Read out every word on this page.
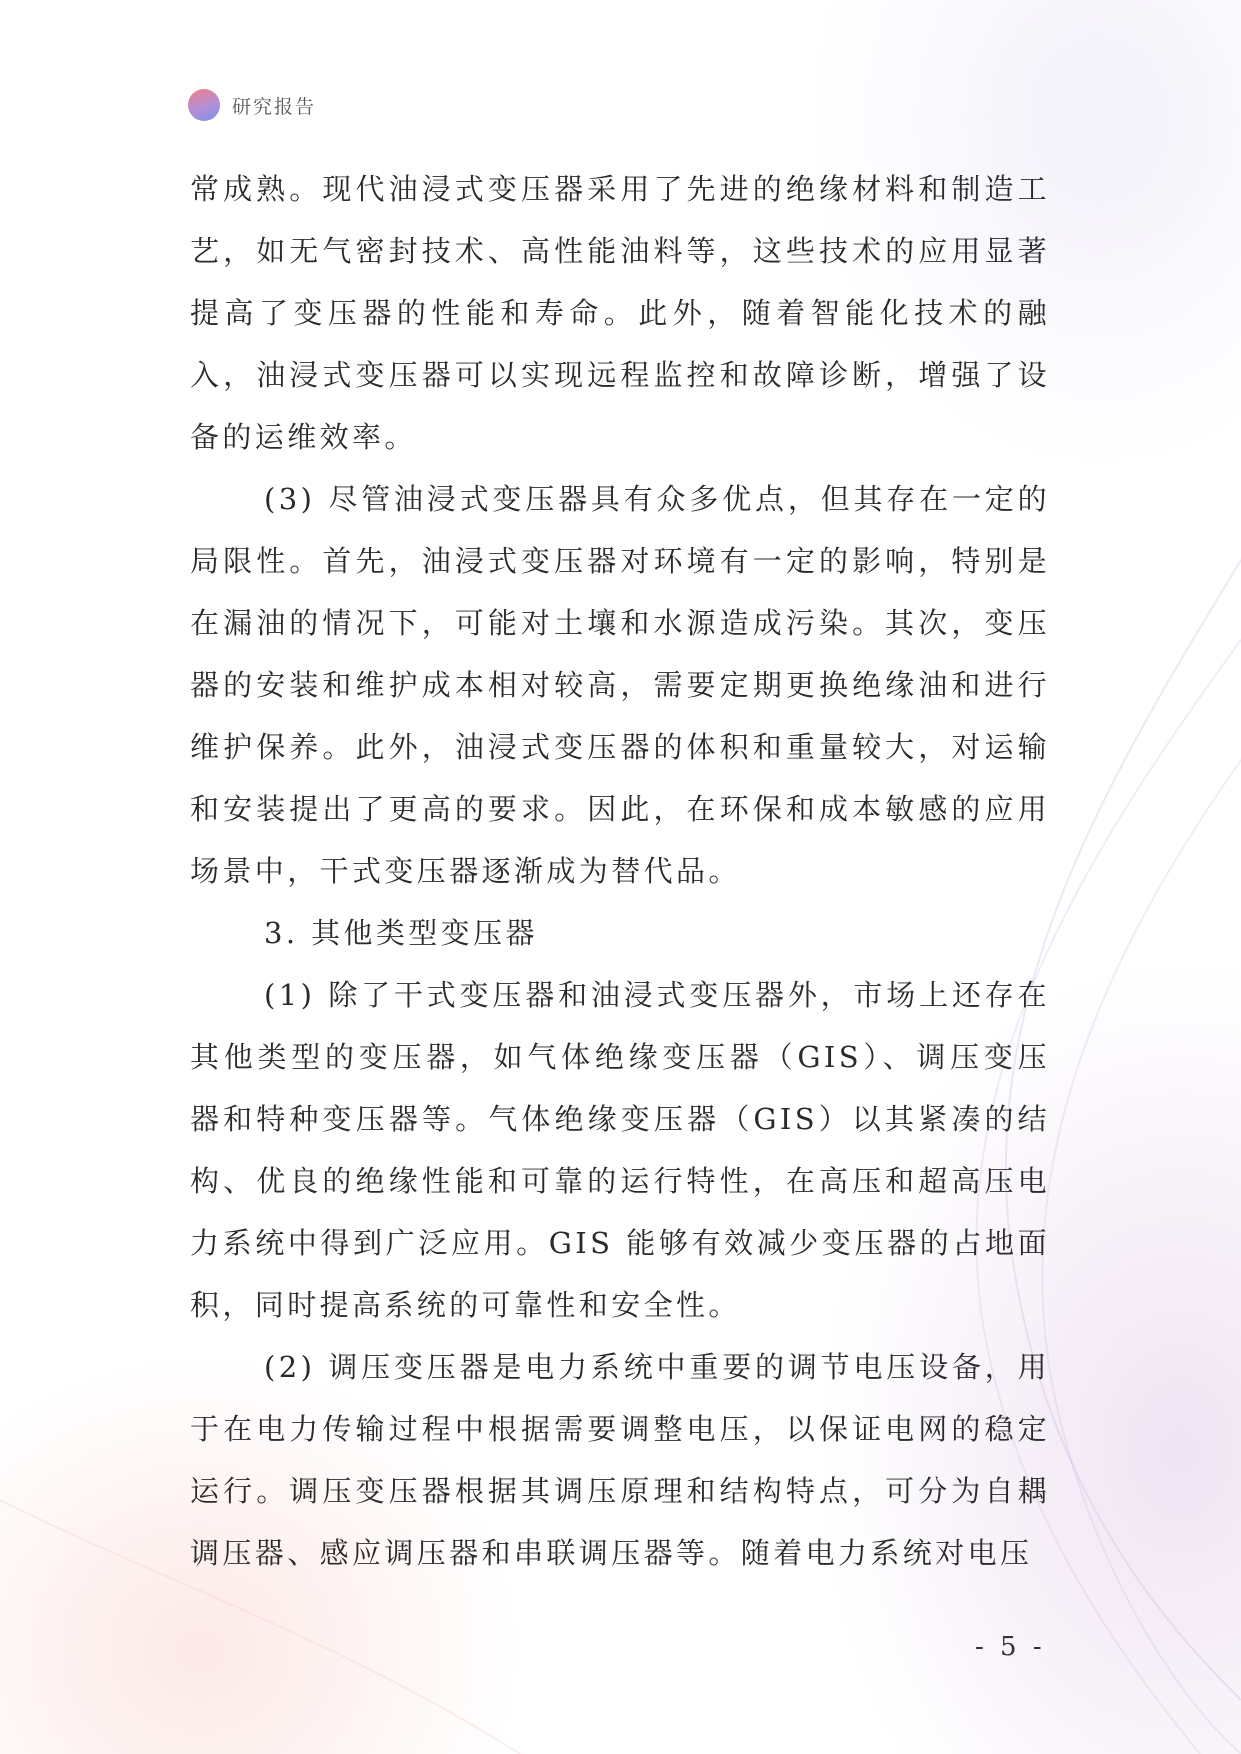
研究报告

常成熟。现代油浸式变压器采用了先进的绝缘材料和制造工艺，如无气密封技术、高性能油料等，这些技术的应用显著提高了变压器的性能和寿命。此外，随着智能化技术的融入，油浸式变压器可以实现远程监控和故障诊断，增强了设备的运维效率。

(3) 尽管油浸式变压器具有众多优点，但其存在一定的局限性。首先，油浸式变压器对环境有一定的影响，特别是在漏油的情况下，可能对土壤和水源造成污染。其次，变压器的安装和维护成本相对较高，需要定期更换绝缘油和进行维护保养。此外，油浸式变压器的体积和重量较大，对运输和安装提出了更高的要求。因此，在环保和成本敏感的应用场景中，干式变压器逐渐成为替代品。

3. 其他类型变压器

(1) 除了干式变压器和油浸式变压器外，市场上还存在其他类型的变压器，如气体绝缘变压器（GIS）、调压变压器和特种变压器等。气体绝缘变压器（GIS）以其紧凑的结构、优良的绝缘性能和可靠的运行特性，在高压和超高压电力系统中得到广泛应用。GIS 能够有效减少变压器的占地面积，同时提高系统的可靠性和安全性。

(2) 调压变压器是电力系统中重要的调节电压设备，用于在电力传输过程中根据需要调整电压，以保证电网的稳定运行。调压变压器根据其调压原理和结构特点，可分为自耦调压器、感应调压器和串联调压器等。随着电力系统对电压

- 5 -
